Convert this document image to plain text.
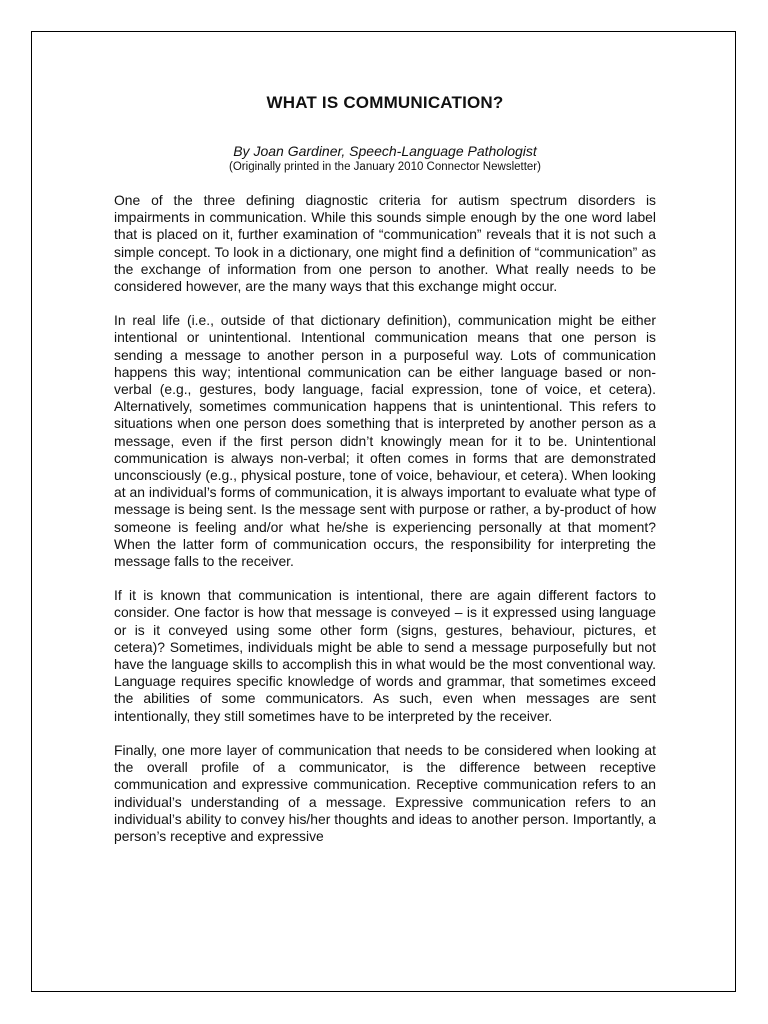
WHAT IS COMMUNICATION?

By Joan Gardiner, Speech-Language Pathologist

(Originally printed in the January 2010 Connector Newsletter)

One of the three defining diagnostic criteria for autism spectrum disorders is impairments in communication. While this sounds simple enough by the one word label that is placed on it, further examination of “communication” reveals that it is not such a simple concept. To look in a dictionary, one might find a definition of “communication” as the exchange of information from one person to another. What really needs to be considered however, are the many ways that this exchange might occur.

In real life (i.e., outside of that dictionary definition), communication might be either intentional or unintentional. Intentional communication means that one person is sending a message to another person in a purposeful way. Lots of communication happens this way; intentional communication can be either language based or non-verbal (e.g., gestures, body language, facial expression, tone of voice, et cetera). Alternatively, sometimes communication happens that is unintentional. This refers to situations when one person does something that is interpreted by another person as a message, even if the first person didn’t knowingly mean for it to be. Unintentional communication is always non-verbal; it often comes in forms that are demonstrated unconsciously (e.g., physical posture, tone of voice, behaviour, et cetera). When looking at an individual’s forms of communication, it is always important to evaluate what type of message is being sent. Is the message sent with purpose or rather, a by-product of how someone is feeling and/or what he/she is experiencing personally at that moment? When the latter form of communication occurs, the responsibility for interpreting the message falls to the receiver.

If it is known that communication is intentional, there are again different factors to consider. One factor is how that message is conveyed – is it expressed using language or is it conveyed using some other form (signs, gestures, behaviour, pictures, et cetera)? Sometimes, individuals might be able to send a message purposefully but not have the language skills to accomplish this in what would be the most conventional way. Language requires specific knowledge of words and grammar, that sometimes exceed the abilities of some communicators. As such, even when messages are sent intentionally, they still sometimes have to be interpreted by the receiver.

Finally, one more layer of communication that needs to be considered when looking at the overall profile of a communicator, is the difference between receptive communication and expressive communication. Receptive communication refers to an individual’s understanding of a message. Expressive communication refers to an individual’s ability to convey his/her thoughts and ideas to another person. Importantly, a person’s receptive and expressive
